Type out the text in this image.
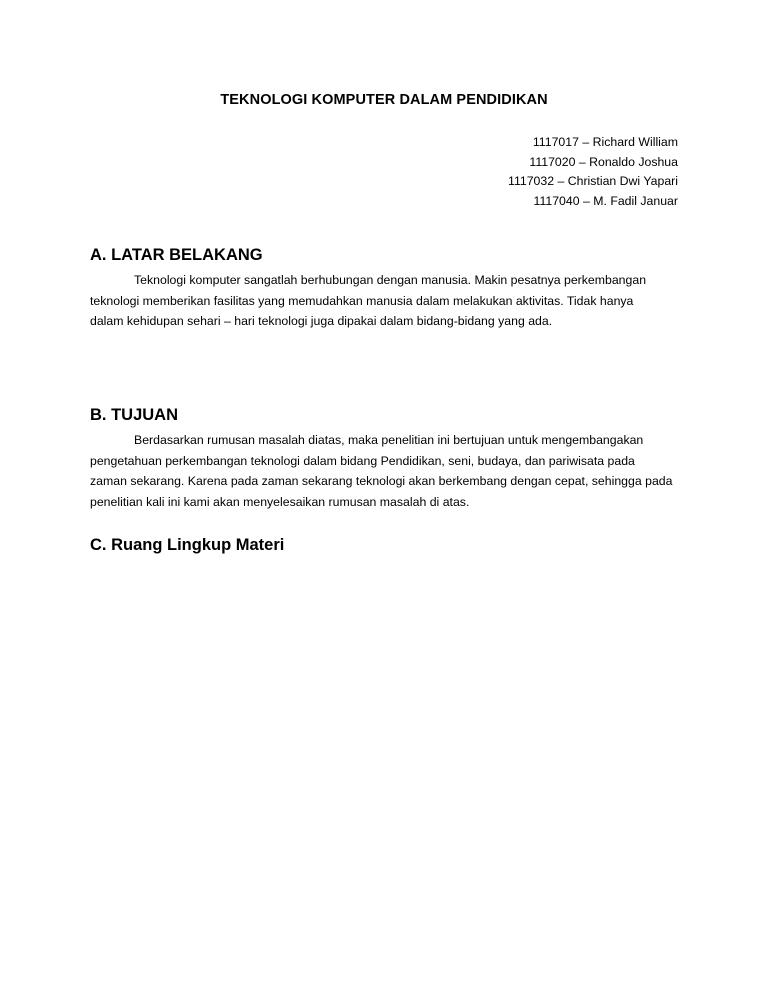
TEKNOLOGI KOMPUTER DALAM PENDIDIKAN
1117017 – Richard William
1117020 – Ronaldo Joshua
1117032 – Christian Dwi Yapari
1117040 – M. Fadil Januar
A. LATAR BELAKANG
Teknologi komputer sangatlah berhubungan dengan manusia. Makin pesatnya perkembangan
teknologi memberikan fasilitas yang memudahkan manusia dalam melakukan aktivitas. Tidak hanya
dalam kehidupan sehari – hari teknologi juga dipakai dalam bidang-bidang yang ada.
B. TUJUAN
Berdasarkan rumusan masalah diatas, maka penelitian ini bertujuan untuk mengembangakan
pengetahuan perkembangan teknologi dalam bidang Pendidikan, seni, budaya, dan pariwisata pada
zaman sekarang. Karena pada zaman sekarang teknologi akan berkembang dengan cepat, sehingga pada
penelitian kali ini kami akan menyelesaikan rumusan masalah di atas.
C. Ruang Lingkup Materi
